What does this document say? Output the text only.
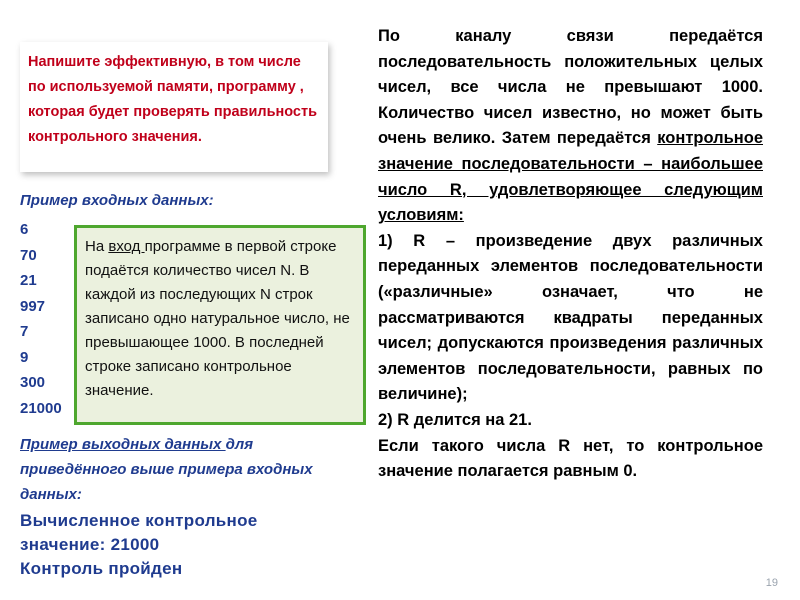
Напишите эффективную, в том числе по используемой памяти, программу , которая будет проверять правильность контрольного значения.
Пример входных данных:
6
70
21
997
7
9
300
21000
На вход программе в первой строке подаётся количество чисел N. В каждой из последующих N строк записано одно натуральное число, не превышающее 1000. В последней строке записано контрольное значение.
Пример выходных данных для приведённого выше примера входных данных:
Вычисленное контрольное значение: 21000
Контроль пройден

По каналу связи передаётся последовательность положительных целых чисел, все числа не превышают 1000. Количество чисел известно, но может быть очень велико. Затем передаётся контрольное значение последовательности – наибольшее число R, удовлетворяющее следующим условиям:

1) R – произведение двух различных переданных элементов последовательности («различные» означает, что не рассматриваются квадраты переданных чисел; допускаются произведения различных элементов последовательности, равных по величине);

2) R делится на 21.

Если такого числа R нет, то контрольное значение полагается равным 0.

19
